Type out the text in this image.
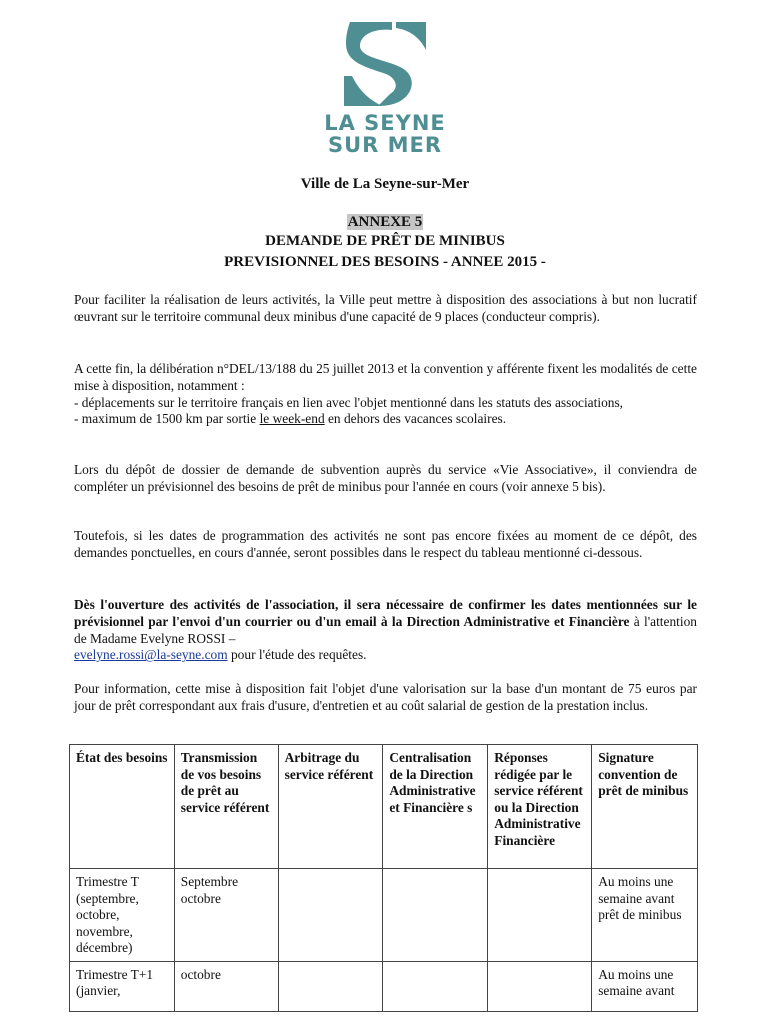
LA SEYNE
SUR MER
Ville de La Seyne-sur-Mer
ANNEXE 5
DEMANDE DE PRÊT DE MINIBUS
PREVISIONNEL DES BESOINS - ANNEE 2015 -
Pour faciliter la réalisation de leurs activités, la Ville peut mettre à disposition des associations à but non lucratif œuvrant sur le territoire communal deux minibus d'une capacité de 9 places (conducteur compris).
A cette fin, la délibération n°DEL/13/188 du 25 juillet 2013 et la convention y afférente fixent les modalités de cette mise à disposition, notamment :
- déplacements sur le territoire français en lien avec l'objet mentionné dans les statuts des associations,
- maximum de 1500 km par sortie le week-end en dehors des vacances scolaires.
Lors du dépôt de dossier de demande de subvention auprès du service «Vie Associative», il conviendra de compléter un prévisionnel des besoins de prêt de minibus pour l'année en cours (voir annexe 5 bis).
Toutefois, si les dates de programmation des activités ne sont pas encore fixées au moment de ce dépôt, des demandes ponctuelles, en cours d'année, seront possibles dans le respect du tableau mentionné ci-dessous.
Dès l'ouverture des activités de l'association, il sera nécessaire de confirmer les dates mentionnées sur le prévisionnel par l'envoi d'un courrier ou d'un email à la Direction Administrative et Financière à l'attention de Madame Evelyne ROSSI –
evelyne.rossi@la-seyne.com pour l'étude des requêtes.
Pour information, cette mise à disposition fait l'objet d'une valorisation sur la base d'un montant de 75 euros par jour de prêt correspondant aux frais d'usure, d'entretien et au coût salarial de gestion de la prestation inclus.
État des besoins	Transmission de vos besoins de prêt au service référent	Arbitrage du service référent	Centralisation de la Direction Administrative et Financière s	Réponses rédigée par le service référent ou la Direction Administrative Financière	Signature convention de prêt de minibus
Trimestre T (septembre, octobre, novembre, décembre)	Septembre octobre				Au moins une semaine avant prêt de minibus
Trimestre T+1 (janvier,	octobre				Au moins une semaine avant
